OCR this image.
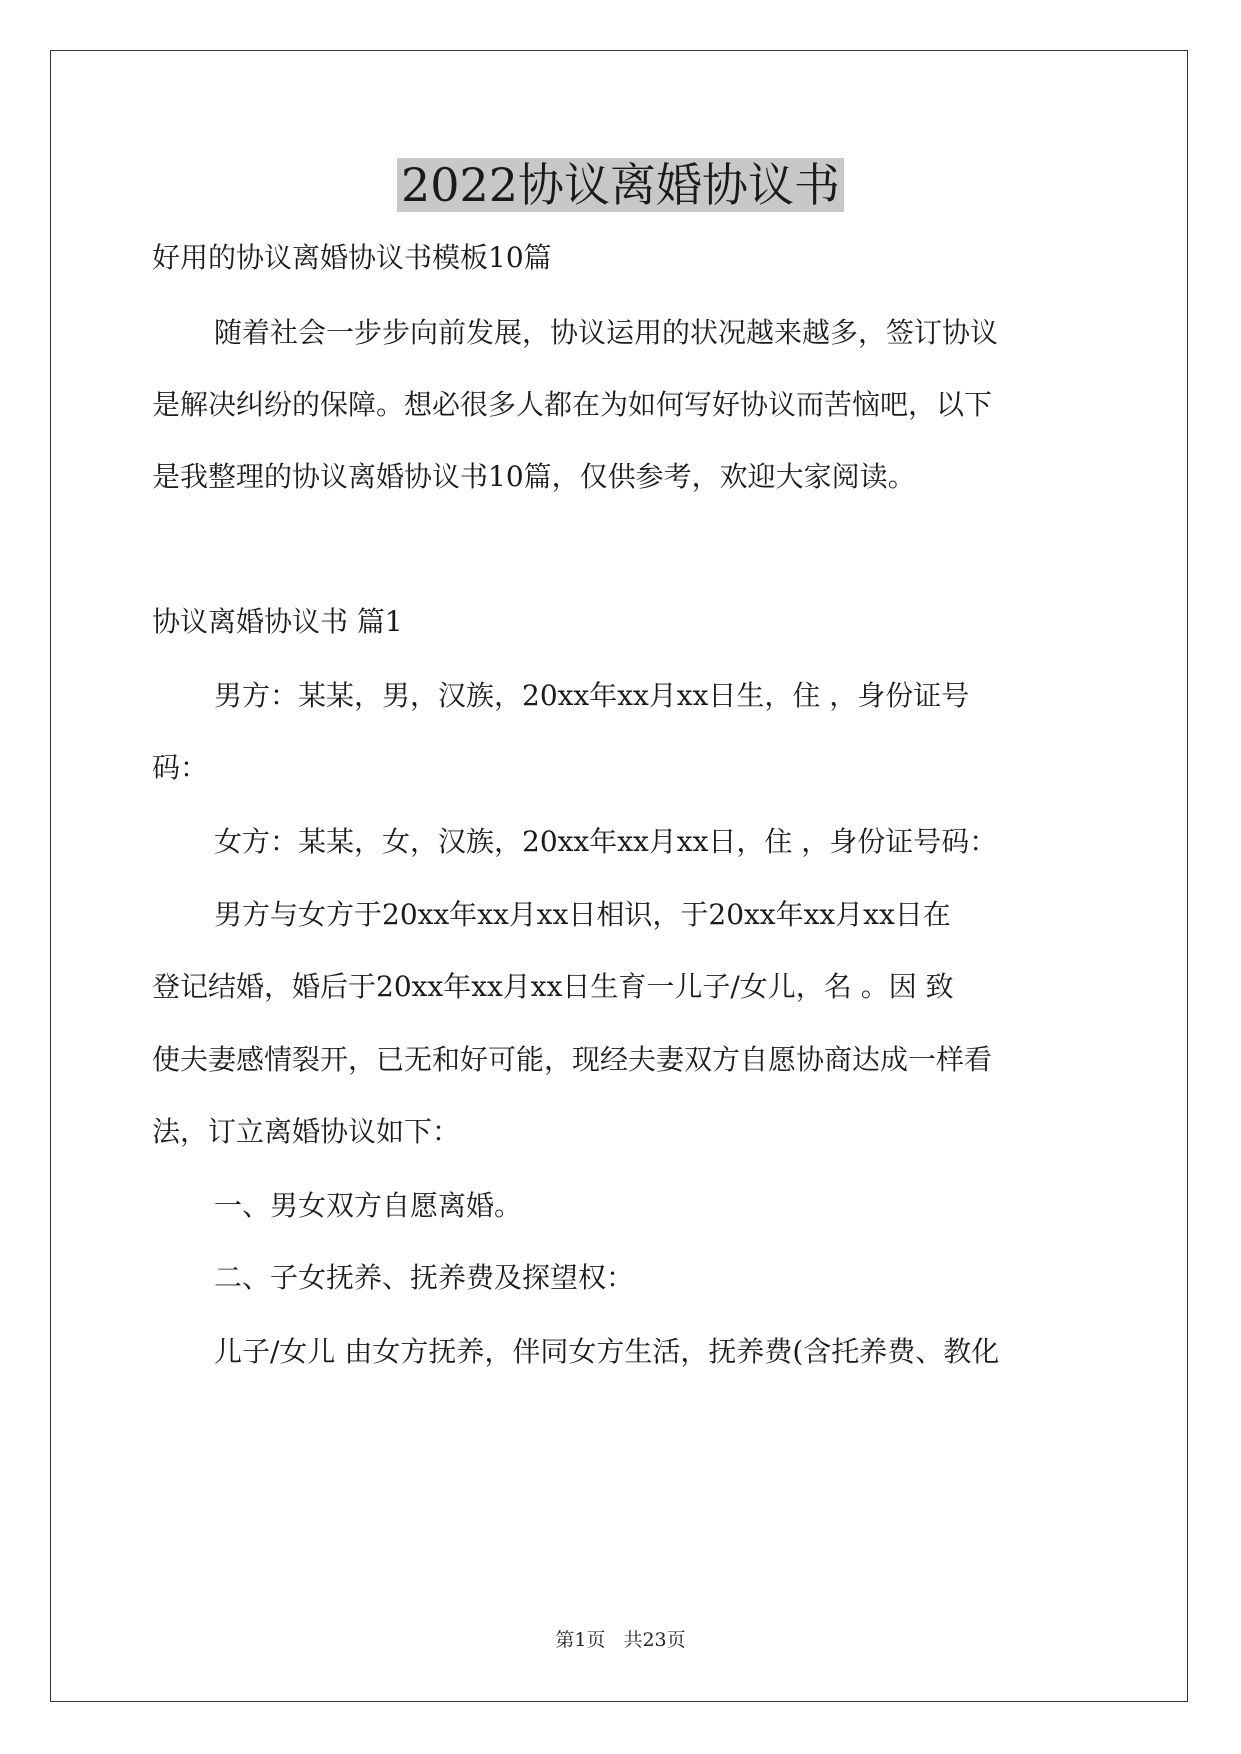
2022协议离婚协议书
好用的协议离婚协议书模板10篇
随着社会一步步向前发展，协议运用的状况越来越多，签订协议
是解决纠纷的保障。想必很多人都在为如何写好协议而苦恼吧，以下
是我整理的协议离婚协议书10篇，仅供参考，欢迎大家阅读。
协议离婚协议书 篇1
男方：某某，男，汉族，20xx年xx月xx日生，住 ，身份证号
码：
女方：某某，女，汉族，20xx年xx月xx日，住 ，身份证号码：
男方与女方于20xx年xx月xx日相识，于20xx年xx月xx日在
登记结婚，婚后于20xx年xx月xx日生育一儿子/女儿，名 。因 致
使夫妻感情裂开，已无和好可能，现经夫妻双方自愿协商达成一样看
法，订立离婚协议如下：
一、男女双方自愿离婚。
二、子女抚养、抚养费及探望权：
儿子/女儿 由女方抚养，伴同女方生活，抚养费(含托养费、教化
第1页 共23页
